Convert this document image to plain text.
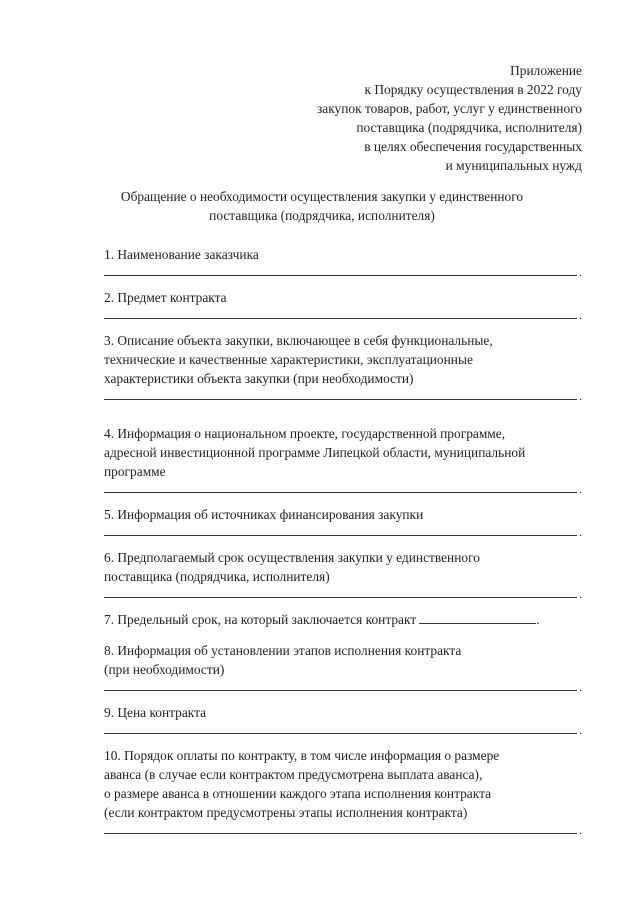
Приложение
к Порядку осуществления в 2022 году
закупок товаров, работ, услуг у единственного
поставщика (подрядчика, исполнителя)
в целях обеспечения государственных
и муниципальных нужд
Обращение о необходимости осуществления закупки у единственного
поставщика (подрядчика, исполнителя)
1. Наименование заказчика
.
2. Предмет контракта
.
3. Описание объекта закупки, включающее в себя функциональные,
технические и качественные характеристики, эксплуатационные
характеристики объекта закупки (при необходимости)
.
4. Информация о национальном проекте, государственной программе,
адресной инвестиционной программе Липецкой области, муниципальной
программе
.
5. Информация об источниках финансирования закупки
.
6. Предполагаемый срок осуществления закупки у единственного
поставщика (подрядчика, исполнителя)
.
7. Предельный срок, на который заключается контракт	.
8. Информация об установлении этапов исполнения контракта
(при необходимости)
.
9. Цена контракта
.
10. Порядок оплаты по контракту, в том числе информация о размере
аванса (в случае если контрактом предусмотрена выплата аванса),
о размере аванса в отношении каждого этапа исполнения контракта
(если контрактом предусмотрены этапы исполнения контракта)
.
